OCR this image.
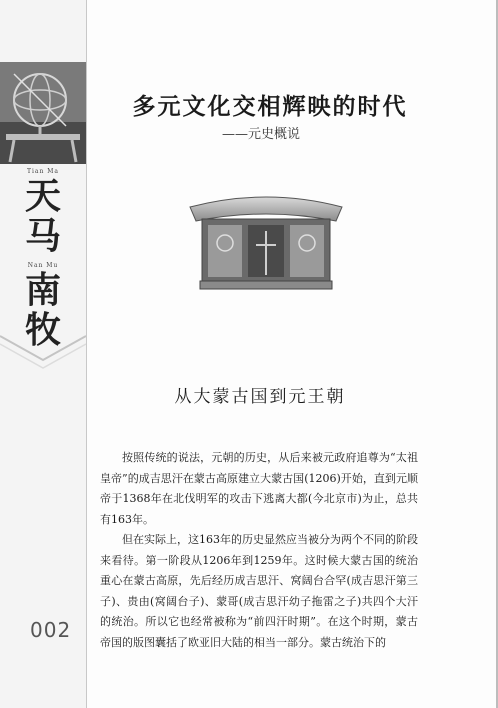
Tian Ma
天
马
Nan Mu
南
牧
002
多元文化交相辉映的时代
——元史概说
从大蒙古国到元王朝

按照传统的说法，元朝的历史，从后来被元政府追尊为“太祖皇帝”的成吉思汗在蒙古高原建立大蒙古国(1206)开始，直到元顺帝于1368年在北伐明军的攻击下逃离大都(今北京市)为止，总共有163年。

但在实际上，这163年的历史显然应当被分为两个不同的阶段来看待。第一阶段从1206年到1259年。这时候大蒙古国的统治重心在蒙古高原，先后经历成吉思汗、窝阔台合罕(成吉思汗第三子)、贵由(窝阔台子)、蒙哥(成吉思汗幼子拖雷之子)共四个大汗的统治。所以它也经常被称为“前四汗时期”。在这个时期，蒙古帝国的版图囊括了欧亚旧大陆的相当一部分。蒙古统治下的
